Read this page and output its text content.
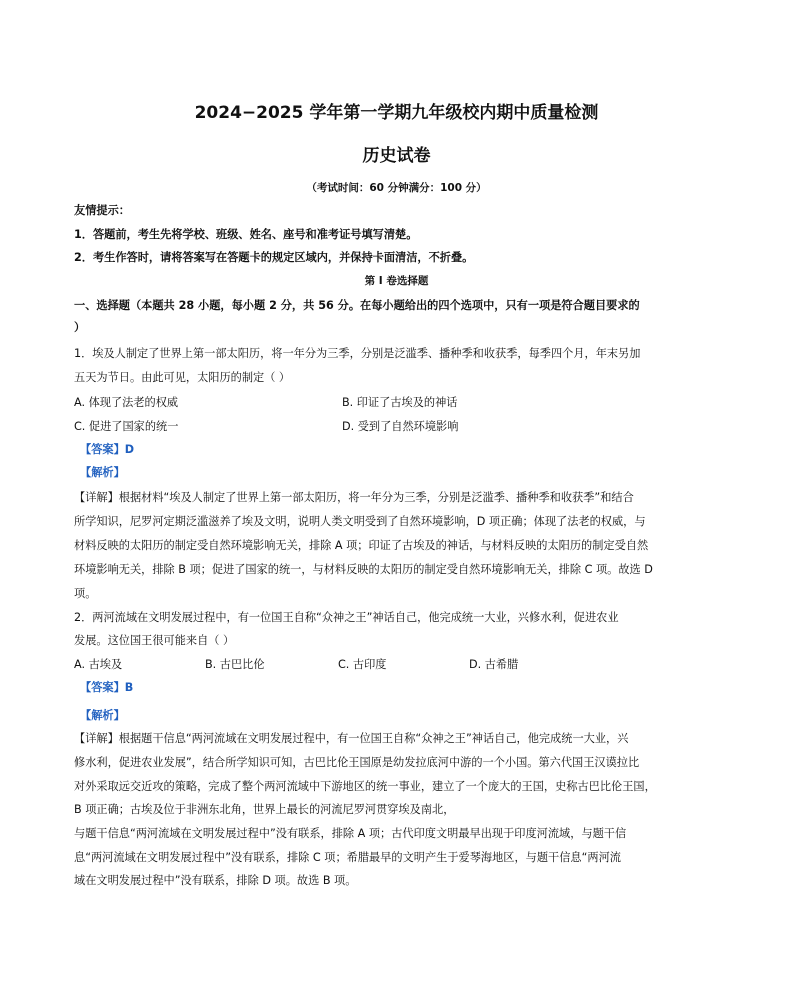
2024−2025 学年第一学期九年级校内期中质量检测
历史试卷
（考试时间：60 分钟满分：100 分）
友情提示：
1．答题前，考生先将学校、班级、姓名、座号和准考证号填写清楚。
2．考生作答时，请将答案写在答题卡的规定区域内，并保持卡面清洁，不折叠。
第 I 卷选择题
一、选择题（本题共 28 小题，每小题 2 分，共 56 分。在每小题给出的四个选项中，只有一项是符合题目要求的
）
1．埃及人制定了世界上第一部太阳历，将一年分为三季，分别是泛滥季、播种季和收获季，每季四个月，年末另加
五天为节日。由此可见，太阳历的制定（ ）
A. 体现了法老的权威	B. 印证了古埃及的神话
C. 促进了国家的统一	D. 受到了自然环境影响
【答案】D
【解析】
【详解】根据材料“埃及人制定了世界上第一部太阳历，将一年分为三季，分别是泛滥季、播种季和收获季”和结合
所学知识，尼罗河定期泛滥滋养了埃及文明，说明人类文明受到了自然环境影响，D 项正确；体现了法老的权威，与
材料反映的太阳历的制定受自然环境影响无关，排除 A 项；印证了古埃及的神话，与材料反映的太阳历的制定受自然
环境影响无关，排除 B 项；促进了国家的统一，与材料反映的太阳历的制定受自然环境影响无关，排除 C 项。故选 D
项。
2．两河流域在文明发展过程中，有一位国王自称“众神之王”神话自己，他完成统一大业，兴修水利，促进农业
发展。这位国王很可能来自（ ）
A. 古埃及	B. 古巴比伦	C. 古印度	D. 古希腊
【答案】B
【解析】
【详解】根据题干信息“两河流域在文明发展过程中，有一位国王自称“众神之王”神话自己，他完成统一大业，兴
修水利，促进农业发展”，结合所学知识可知，古巴比伦王国原是幼发拉底河中游的一个小国。第六代国王汉谟拉比
对外采取远交近攻的策略，完成了整个两河流域中下游地区的统一事业，建立了一个庞大的王国，史称古巴比伦王国，
B 项正确；古埃及位于非洲东北角，世界上最长的河流尼罗河贯穿埃及南北，
与题干信息“两河流域在文明发展过程中”没有联系，排除 A 项；古代印度文明最早出现于印度河流域，与题干信
息“两河流域在文明发展过程中”没有联系，排除 C 项；希腊最早的文明产生于爱琴海地区，与题干信息“两河流
域在文明发展过程中”没有联系，排除 D 项。故选 B 项。
